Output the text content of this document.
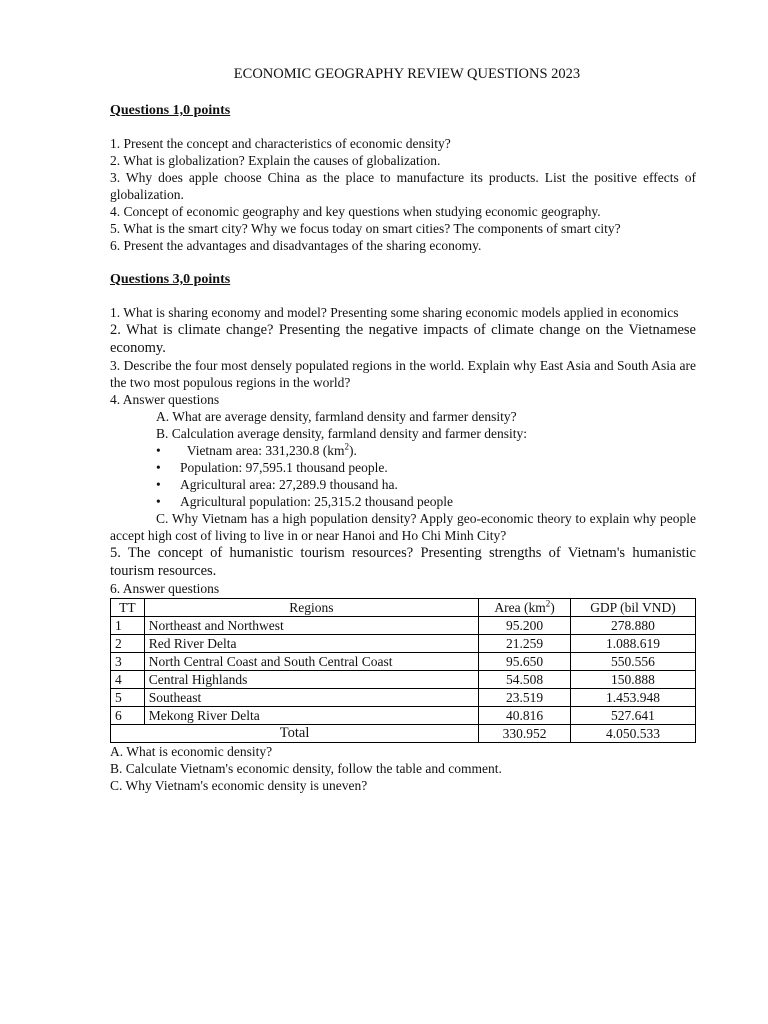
ECONOMIC GEOGRAPHY REVIEW QUESTIONS 2023
Questions 1,0 points

1. Present the concept and characteristics of economic density?

2. What is globalization? Explain the causes of globalization.

3. Why does apple choose China as the place to manufacture its products. List the positive effects of globalization.

4. Concept of economic geography and key questions when studying economic geography.

5. What is the smart city? Why we focus today on smart cities? The components of smart city?

6. Present the advantages and disadvantages of the sharing economy.

Questions 3,0 points

1. What is sharing economy and model? Presenting some sharing economic models applied in economics

2. What is climate change? Presenting the negative impacts of climate change on the Vietnamese economy.

3. Describe the four most densely populated regions in the world. Explain why East Asia and South Asia are the two most populous regions in the world?

4. Answer questions

A. What are average density, farmland density and farmer density?

B. Calculation average density, farmland density and farmer density:

• Vietnam area: 331,230.8 $(km^2)$.
• Population: 97,595.1 thousand people.
• Agricultural area: 27,289.9 thousand ha.
• Agricultural population: 25,315.2 thousand people

C. Why Vietnam has a high population density? Apply geo-economic theory to explain why people accept high cost of living to live in or near Hanoi and Ho Chi Minh City?

5. The concept of humanistic tourism resources? Presenting strengths of Vietnam's humanistic tourism resources.

6. Answer questions

TT	Regions	Area $(km^2)$	GDP (bil VND)
1	Northeast and Northwest	95.200	278.880
2	Red River Delta	21.259	1.088.619
3	North Central Coast and South Central Coast	95.650	550.556
4	Central Highlands	54.508	150.888
5	Southeast	23.519	1.453.948
6	Mekong River Delta	40.816	527.641
Total		330.952	4.050.533

A. What is economic density?

B. Calculate Vietnam's economic density, follow the table and comment.

C. Why Vietnam's economic density is uneven?
